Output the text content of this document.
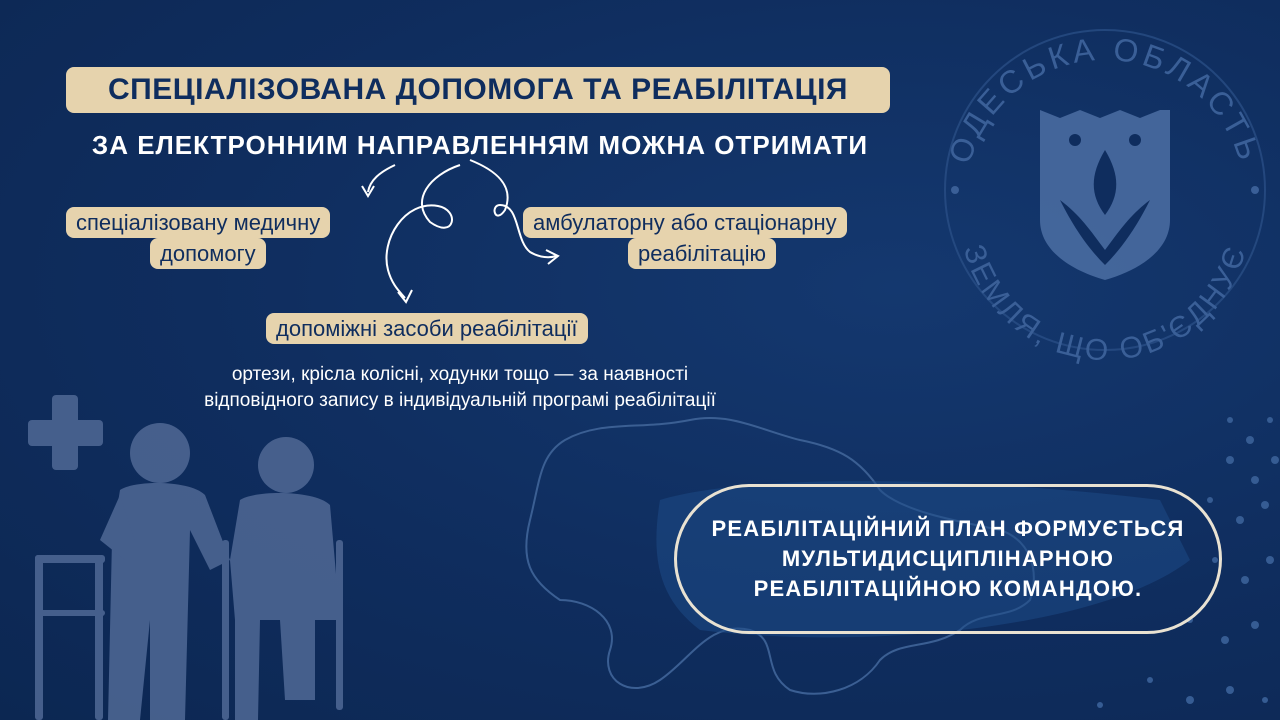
ОДЕСЬКА ОБЛАСТЬ
ЗЕМЛЯ, ЩО ОБ'ЄДНУЄ
СПЕЦІАЛІЗОВАНА ДОПОМОГА ТА РЕАБІЛІТАЦІЯ
ЗА ЕЛЕКТРОННИМ НАПРАВЛЕННЯМ МОЖНА ОТРИМАТИ
спеціалізовану медичну
допомогу
амбулаторну або стаціонарну
реабілітацію
допоміжні засоби реабілітації
ортези, крісла колісні, ходунки тощо — за наявності
відповідного запису в індивідуальній програмі реабілітації
РЕАБІЛІТАЦІЙНИЙ ПЛАН ФОРМУЄТЬСЯ МУЛЬТИДИСЦИПЛІНАРНОЮ РЕАБІЛІТАЦІЙНОЮ КОМАНДОЮ.
